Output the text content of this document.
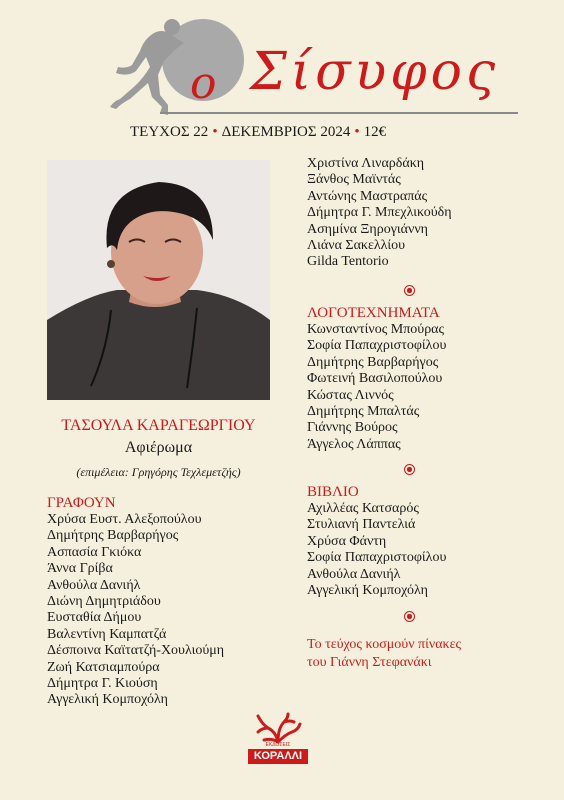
ο Σίσυφος
ΤΕΥΧΟΣ 22 • ΔΕΚΕΜΒΡΙΟΣ 2024 • 12€

ΤΑΣΟΥΛΑ ΚΑΡΑΓΕΩΡΓΙΟΥ

Αφιέρωμα

(επιμέλεια: Γρηγόρης Τεχλεμετζής)

ΓΡΑΦΟΥΝ

Χρύσα Ευστ. Αλεξοπούλου
Δημήτρης Βαρβαρήγος
Ασπασία Γκιόκα
Άννα Γρίβα
Ανθούλα Δανιήλ
Διώνη Δημητριάδου
Ευσταθία Δήμου
Βαλεντίνη Καμπατζά
Δέσποινα Καϊτατζή-Χουλιούμη
Ζωή Κατσιαμπούρα
Δήμητρα Γ. Κιούση
Αγγελική Κομποχόλη
Χριστίνα Λιναρδάκη
Ξάνθος Μαϊντάς
Αντώνης Μαστραπάς
Δήμητρα Γ. Μπεχλικούδη
Ασημίνα Ξηρογιάννη
Λιάνα Σακελλίου
Gilda Tentorio

ΛΟΓΟΤΕΧΝΗΜΑΤΑ

Κωνσταντίνος Μπούρας
Σοφία Παπαχριστοφίλου
Δημήτρης Βαρβαρήγος
Φωτεινή Βασιλοπούλου
Κώστας Λιννός
Δημήτρης Μπαλτάς
Γιάννης Βούρος
Άγγελος Λάππας

ΒΙΒΛΙΟ

Αχιλλέας Κατσαρός
Στυλιανή Παντελιά
Χρύσα Φάντη
Σοφία Παπαχριστοφίλου
Ανθούλα Δανιήλ
Αγγελική Κομποχόλη

Το τεύχος κοσμούν πίνακες

του Γιάννη Στεφανάκι

ΕΚΔΟΣΕΙΣ
ΚΟΡΑΛΛΙ
